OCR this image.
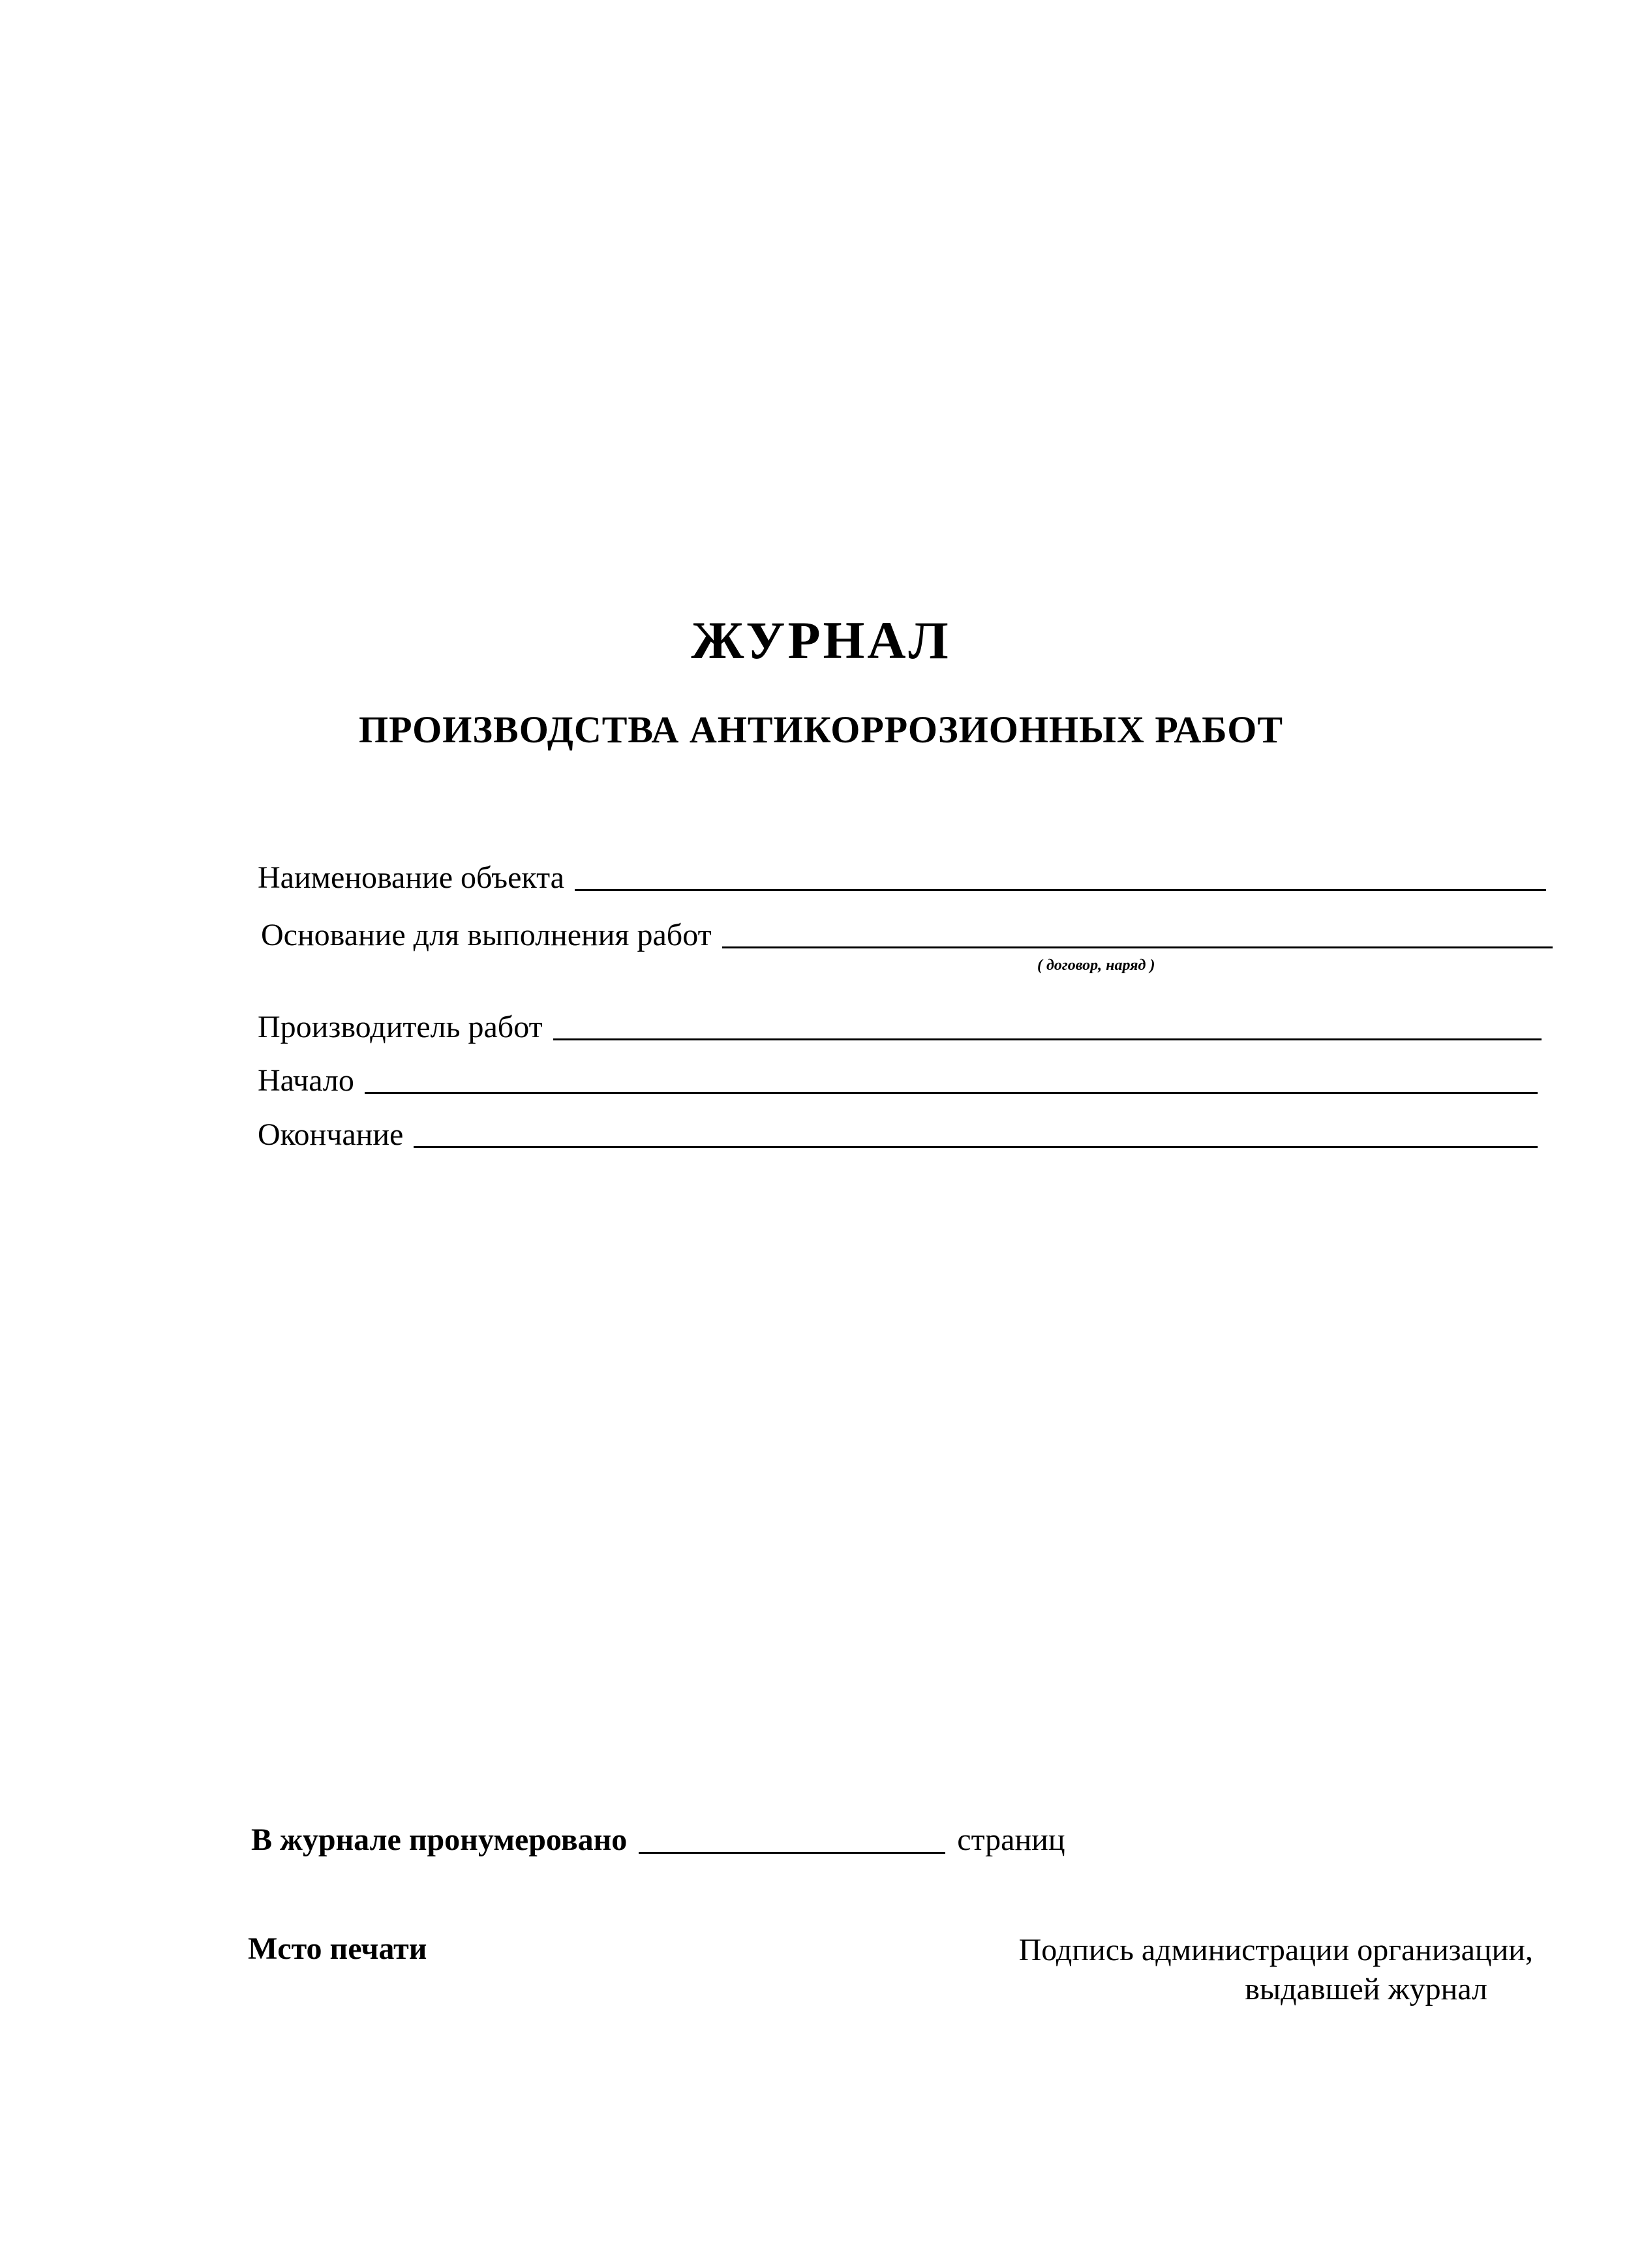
ЖУРНАЛ
ПРОИЗВОДСТВА АНТИКОРРОЗИОННЫХ РАБОТ
Наименование объекта
Основание для выполнения работ
( договор, наряд )
Производитель работ
Начало
Окончание
В журнале пронумеровано	страниц
Мсто печати	Подпись администрации организации,
выдавшей журнал
